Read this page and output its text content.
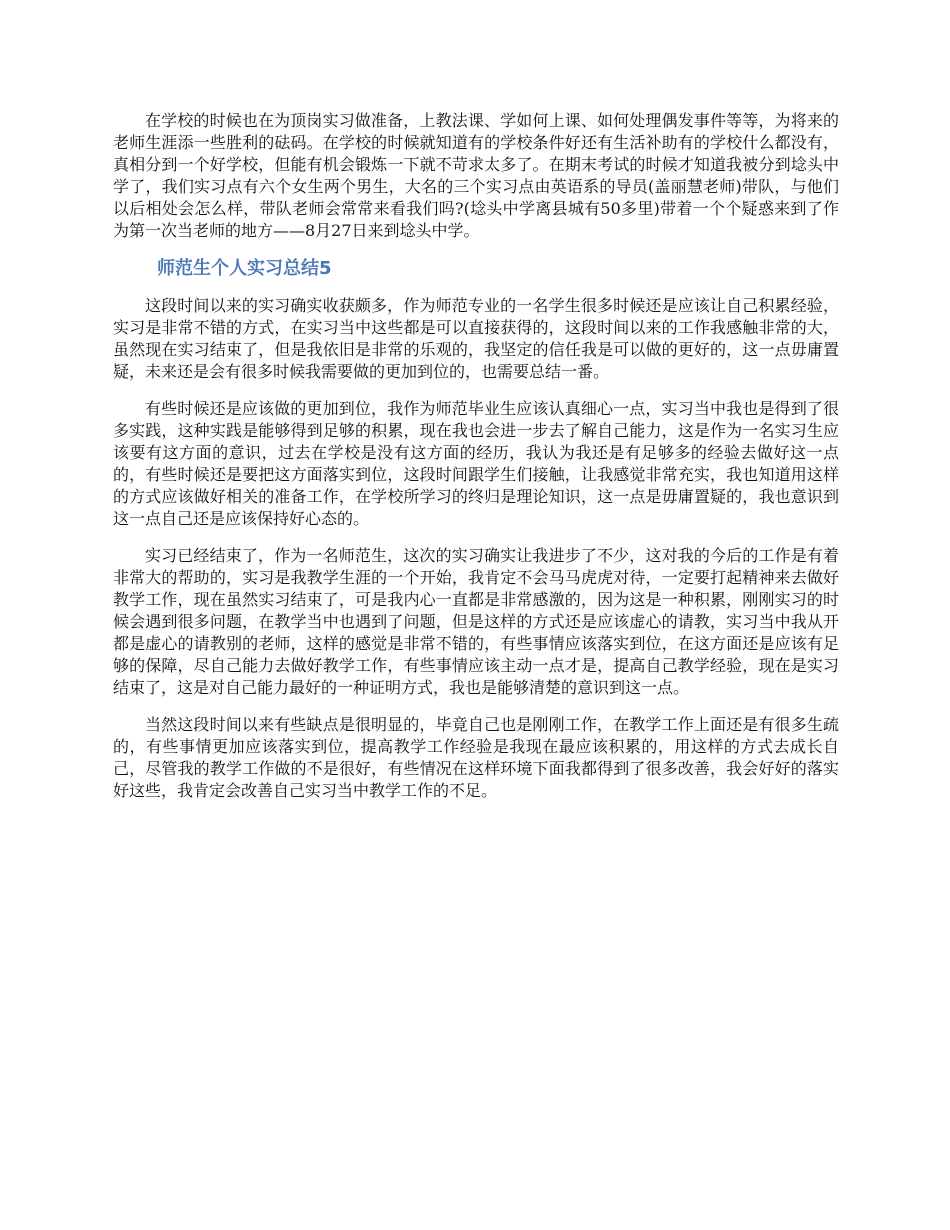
在学校的时候也在为顶岗实习做准备，上教法课、学如何上课、如何处理偶发事件等等，为将来的老师生涯添一些胜利的砝码。在学校的时候就知道有的学校条件好还有生活补助有的学校什么都没有，真相分到一个好学校，但能有机会锻炼一下就不苛求太多了。在期末考试的时候才知道我被分到埝头中学了，我们实习点有六个女生两个男生，大名的三个实习点由英语系的导员(盖丽慧老师)带队，与他们以后相处会怎么样，带队老师会常常来看我们吗?(埝头中学离县城有50多里)带着一个个疑惑来到了作为第一次当老师的地方——8月27日来到埝头中学。

师范生个人实习总结5

这段时间以来的实习确实收获颇多，作为师范专业的一名学生很多时候还是应该让自己积累经验，实习是非常不错的方式，在实习当中这些都是可以直接获得的，这段时间以来的工作我感触非常的大，虽然现在实习结束了，但是我依旧是非常的乐观的，我坚定的信任我是可以做的更好的，这一点毋庸置疑，未来还是会有很多时候我需要做的更加到位的，也需要总结一番。

有些时候还是应该做的更加到位，我作为师范毕业生应该认真细心一点，实习当中我也是得到了很多实践，这种实践是能够得到足够的积累，现在我也会进一步去了解自己能力，这是作为一名实习生应该要有这方面的意识，过去在学校是没有这方面的经历，我认为我还是有足够多的经验去做好这一点的，有些时候还是要把这方面落实到位，这段时间跟学生们接触，让我感觉非常充实，我也知道用这样的方式应该做好相关的准备工作，在学校所学习的终归是理论知识，这一点是毋庸置疑的，我也意识到这一点自己还是应该保持好心态的。

实习已经结束了，作为一名师范生，这次的实习确实让我进步了不少，这对我的今后的工作是有着非常大的帮助的，实习是我教学生涯的一个开始，我肯定不会马马虎虎对待，一定要打起精神来去做好教学工作，现在虽然实习结束了，可是我内心一直都是非常感激的，因为这是一种积累，刚刚实习的时候会遇到很多问题，在教学当中也遇到了问题，但是这样的方式还是应该虚心的请教，实习当中我从开都是虚心的请教别的老师，这样的感觉是非常不错的，有些事情应该落实到位，在这方面还是应该有足够的保障，尽自己能力去做好教学工作，有些事情应该主动一点才是，提高自己教学经验，现在是实习结束了，这是对自己能力最好的一种证明方式，我也是能够清楚的意识到这一点。

当然这段时间以来有些缺点是很明显的，毕竟自己也是刚刚工作，在教学工作上面还是有很多生疏的，有些事情更加应该落实到位，提高教学工作经验是我现在最应该积累的，用这样的方式去成长自己，尽管我的教学工作做的不是很好，有些情况在这样环境下面我都得到了很多改善，我会好好的落实好这些，我肯定会改善自己实习当中教学工作的不足。
